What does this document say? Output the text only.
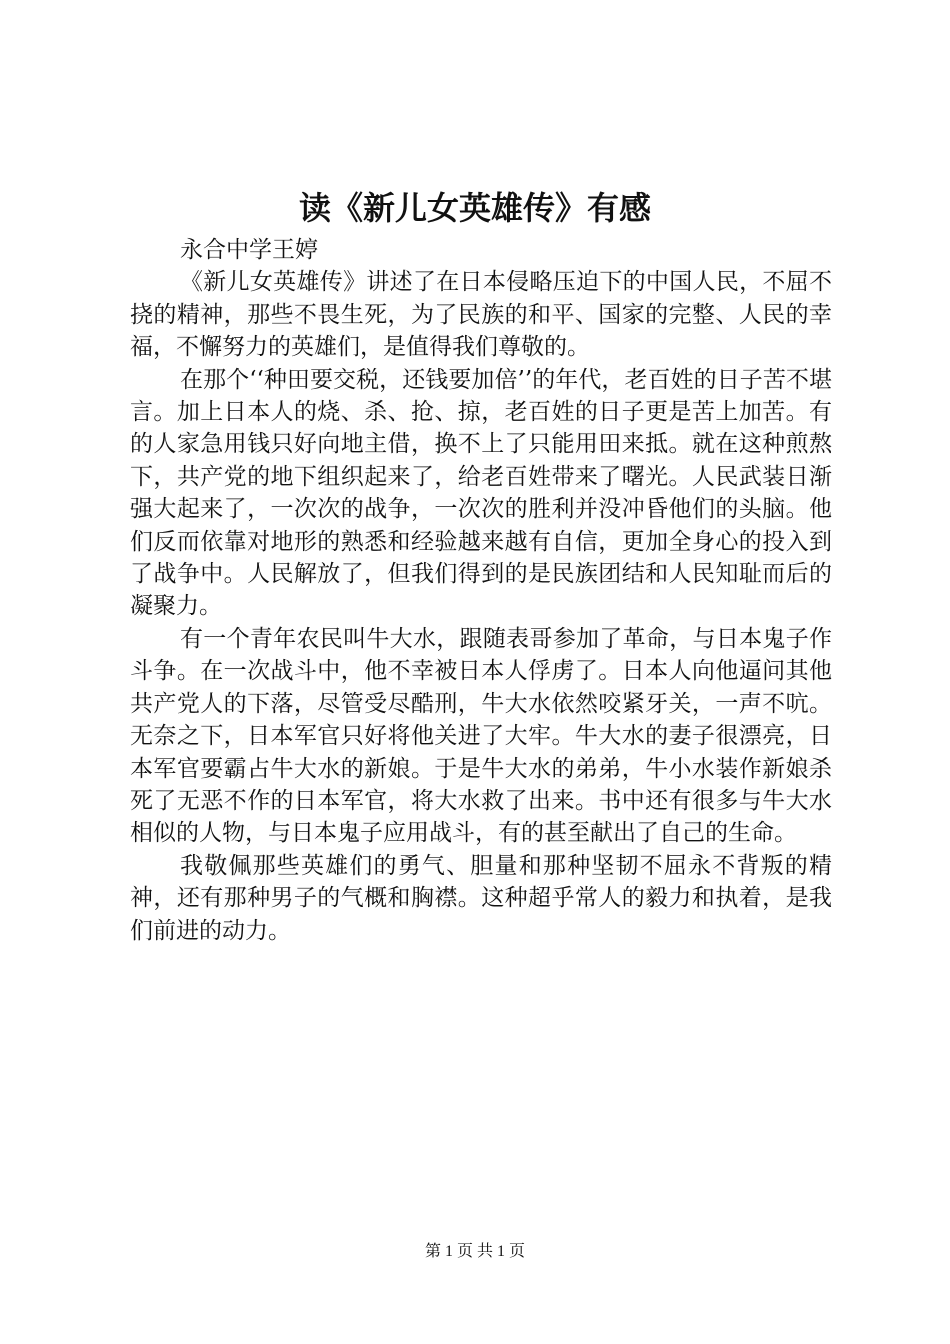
读《新儿女英雄传》有感

永合中学王婷

《新儿女英雄传》讲述了在日本侵略压迫下的中国人民，不屈不挠的精神，那些不畏生死，为了民族的和平、国家的完整、人民的幸福，不懈努力的英雄们，是值得我们尊敬的。

在那个‘‘种田要交税，还钱要加倍’’的年代，老百姓的日子苦不堪言。加上日本人的烧、杀、抢、掠，老百姓的日子更是苦上加苦。有的人家急用钱只好向地主借，换不上了只能用田来抵。就在这种煎熬下，共产党的地下组织起来了，给老百姓带来了曙光。人民武装日渐强大起来了，一次次的战争，一次次的胜利并没冲昏他们的头脑。他们反而依靠对地形的熟悉和经验越来越有自信，更加全身心的投入到了战争中。人民解放了，但我们得到的是民族团结和人民知耻而后的凝聚力。

有一个青年农民叫牛大水，跟随表哥参加了革命，与日本鬼子作斗争。在一次战斗中，他不幸被日本人俘虏了。日本人向他逼问其他共产党人的下落，尽管受尽酷刑，牛大水依然咬紧牙关，一声不吭。无奈之下，日本军官只好将他关进了大牢。牛大水的妻子很漂亮，日本军官要霸占牛大水的新娘。于是牛大水的弟弟，牛小水装作新娘杀死了无恶不作的日本军官，将大水救了出来。书中还有很多与牛大水相似的人物，与日本鬼子应用战斗，有的甚至献出了自己的生命。

我敬佩那些英雄们的勇气、胆量和那种坚韧不屈永不背叛的精神，还有那种男子的气概和胸襟。这种超乎常人的毅力和执着，是我们前进的动力。

第 1 页 共 1 页
